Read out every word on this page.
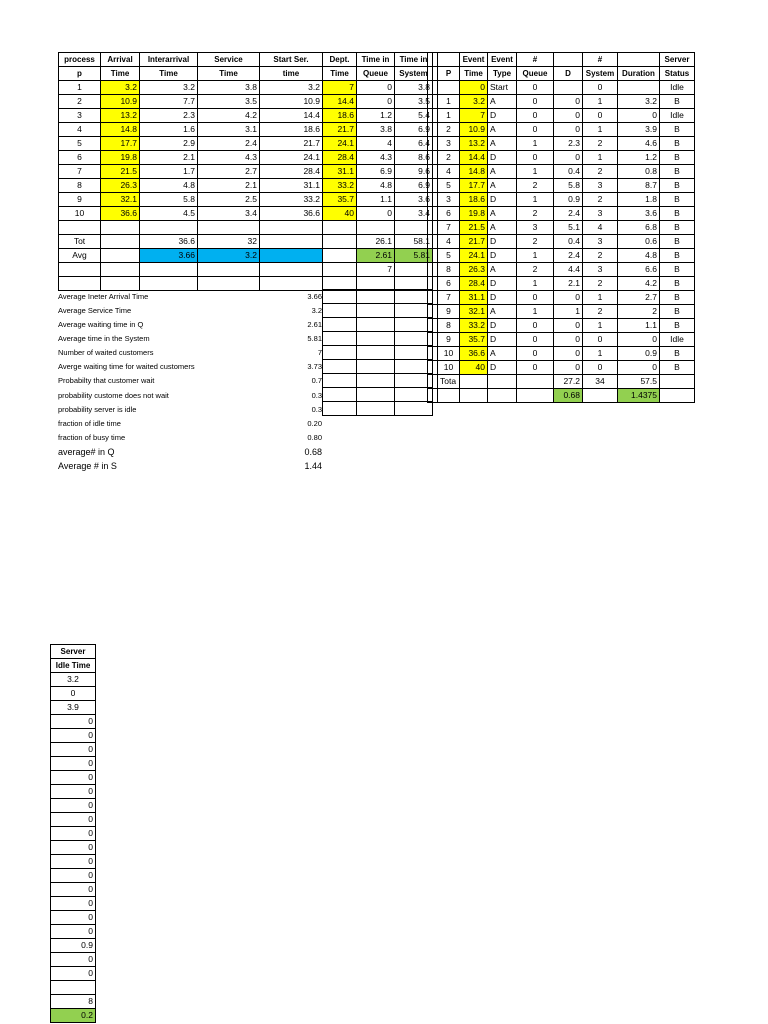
process	Arrival	Interarrival	Service	Start Ser.	Dept.	Time in	Time in
p	Time	Time	Time	time	Time	Queue	System
1	3.2	3.2	3.8	3.2	7	0	3.8
2	10.9	7.7	3.5	10.9	14.4	0	3.5
3	13.2	2.3	4.2	14.4	18.6	1.2	5.4
4	14.8	1.6	3.1	18.6	21.7	3.8	6.9
5	17.7	2.9	2.4	21.7	24.1	4	6.4
6	19.8	2.1	4.3	24.1	28.4	4.3	8.6
7	21.5	1.7	2.7	28.4	31.1	6.9	9.6
8	26.3	4.8	2.1	31.1	33.2	4.8	6.9
9	32.1	5.8	2.5	33.2	35.7	1.1	3.6
10	36.6	4.5	3.4	36.6	40	0	3.4

Tot		36.6	32			26.1	58.1
Avg		3.66	3.2			2.61	5.81
						7	

	Event	Event	#		#		Server
P	Time	Type	Queue	D	System	Duration	Status
	0	Start	0		0		Idle
1	3.2	A	0	0	1	3.2	B
1	7	D	0	0	0	0	Idle
2	10.9	A	0	0	1	3.9	B
3	13.2	A	1	2.3	2	4.6	B
2	14.4	D	0	0	1	1.2	B
4	14.8	A	1	0.4	2	0.8	B
5	17.7	A	2	5.8	3	8.7	B
3	18.6	D	1	0.9	2	1.8	B
6	19.8	A	2	2.4	3	3.6	B
7	21.5	A	3	5.1	4	6.8	B
4	21.7	D	2	0.4	3	0.6	B
5	24.1	D	1	2.4	2	4.8	B
8	26.3	A	2	4.4	3	6.6	B
6	28.4	D	1	2.1	2	4.2	B
7	31.1	D	0	0	1	2.7	B
9	32.1	A	1	1	2	2	B
8	33.2	D	0	0	1	1.1	B
9	35.7	D	0	0	0	0	Idle
10	36.6	A	0	0	1	0.9	B
10	40	D	0	0	0	0	B
Tota				27.2	34	57.5	
				0.68		1.4375	

Average Ineter Arrival Time	3.66
Average Service Time	3.2
Average waiting time in Q	2.61
Average time in the System	5.81
Number of waited customers	7
Averge waiting time for waited customers	3.73
Probabilty that customer wait	0.7
probability custome does not wait	0.3
probability server is idle	0.3
fraction of idle time	0.20
fraction of busy time	0.80
average# in Q	0.68
Average # in S	1.44
Server
Idle Time
3.2
0
3.9
0
0
0
0
0
0
0
0
0
0
0
0
0
0
0
0
0.9
0
0

8
0.2
